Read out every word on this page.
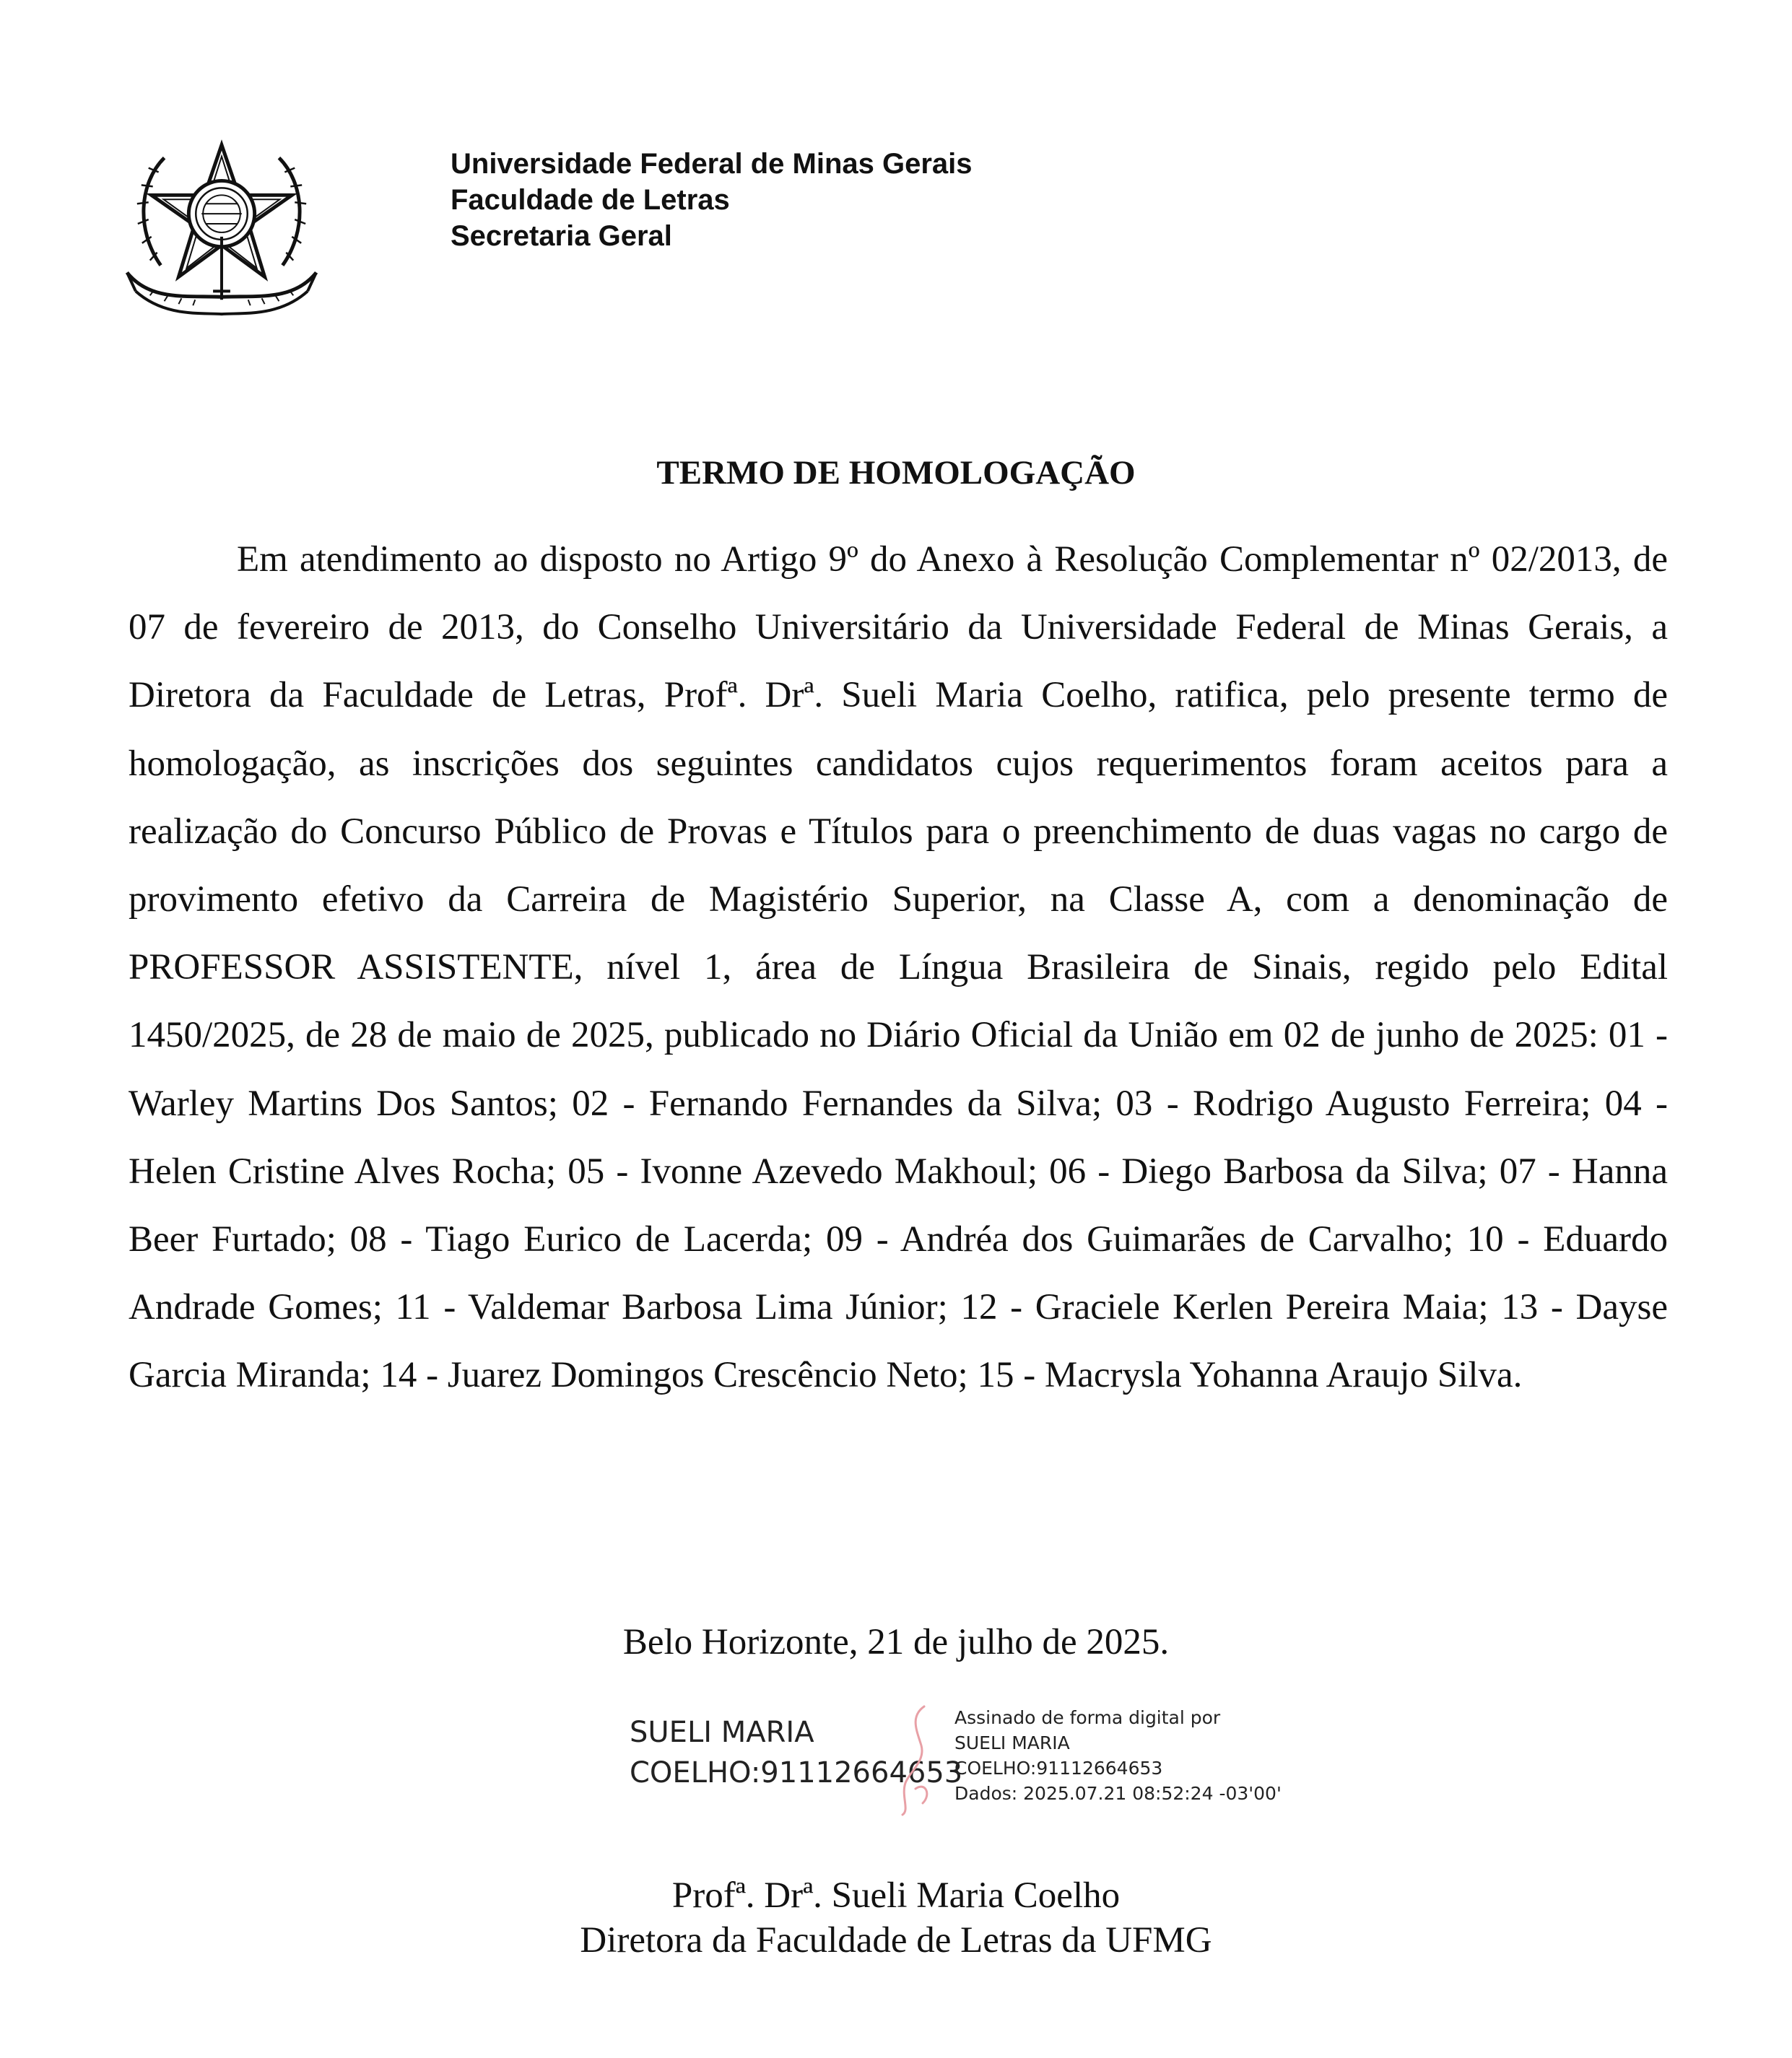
Universidade Federal de Minas Gerais
Faculdade de Letras
Secretaria Geral
TERMO DE HOMOLOGAÇÃO

Em atendimento ao disposto no Artigo 9º do Anexo à Resolução Complementar nº 02/2013, de 07 de fevereiro de 2013, do Conselho Universitário da Universidade Federal de Minas Gerais, a Diretora da Faculdade de Letras, Profª. Drª. Sueli Maria Coelho, ratifica, pelo presente termo de homologação, as inscrições dos seguintes candidatos cujos requerimentos foram aceitos para a realização do Concurso Público de Provas e Títulos para o preenchimento de duas vagas no cargo de provimento efetivo da Carreira de Magistério Superior, na Classe A, com a denominação de PROFESSOR ASSISTENTE, nível 1, área de Língua Brasileira de Sinais, regido pelo Edital 1450/2025, de 28 de maio de 2025, publicado no Diário Oficial da União em 02 de junho de 2025: 01 - Warley Martins Dos Santos; 02 - Fernando Fernandes da Silva; 03 - Rodrigo Augusto Ferreira; 04 - Helen Cristine Alves Rocha; 05 - Ivonne Azevedo Makhoul; 06 - Diego Barbosa da Silva; 07 - Hanna Beer Furtado; 08 - Tiago Eurico de Lacerda; 09 - Andréa dos Guimarães de Carvalho; 10 - Eduardo Andrade Gomes; 11 - Valdemar Barbosa Lima Júnior; 12 - Graciele Kerlen Pereira Maia; 13 - Dayse Garcia Miranda; 14 - Juarez Domingos Crescêncio Neto; 15 - Macrysla Yohanna Araujo Silva.

Belo Horizonte, 21 de julho de 2025.
SUELI MARIA
COELHO:91112664653
Assinado de forma digital por
SUELI MARIA
COELHO:91112664653
Dados: 2025.07.21 08:52:24 -03'00'
Profª. Drª. Sueli Maria Coelho
Diretora da Faculdade de Letras da UFMG
